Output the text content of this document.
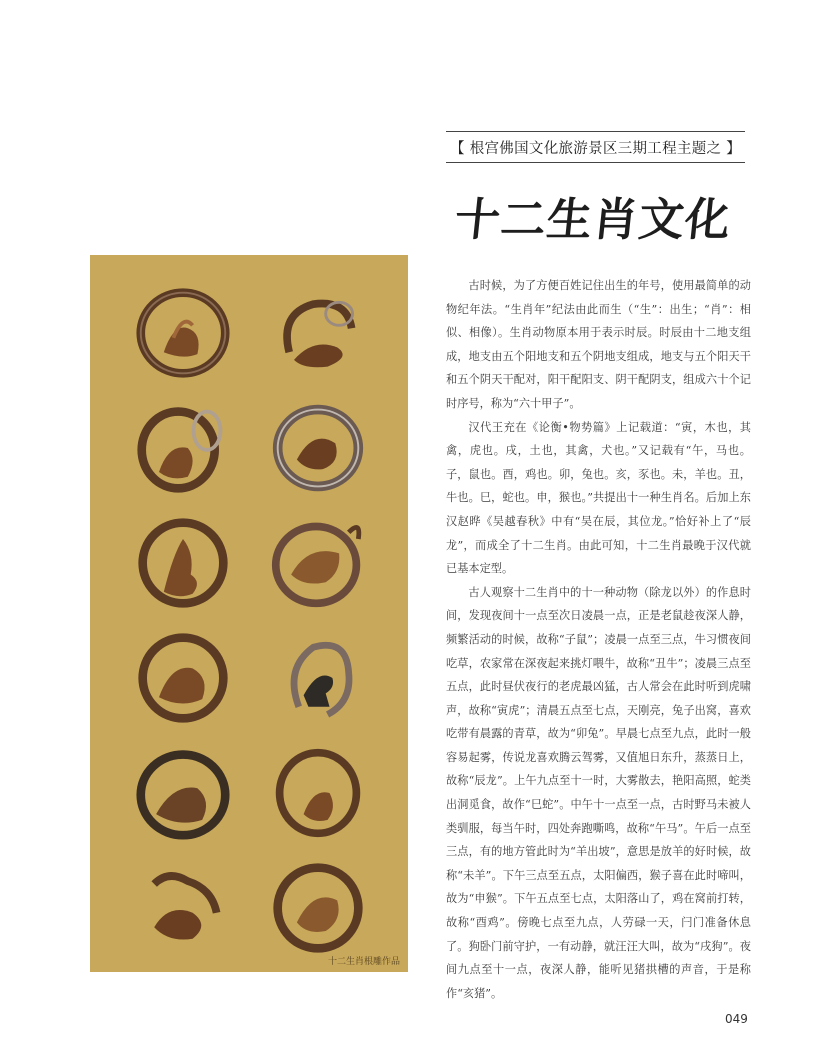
【 根宫佛国文化旅游景区三期工程主题之 】
十二生肖文化
十二生肖根雕作品

古时候，为了方便百姓记住出生的年号，使用最简单的动物纪年法。“生肖年”纪法由此而生（“生”：出生；“肖”：相似、相像）。生肖动物原本用于表示时辰。时辰由十二地支组成，地支由五个阳地支和五个阴地支组成，地支与五个阳天干和五个阴天干配对，阳干配阳支、阴干配阴支，组成六十个记时序号，称为“六十甲子”。

汉代王充在《论衡•物势篇》上记载道：“寅，木也，其禽，虎也。戌，土也，其禽，犬也。”又记载有“午，马也。子，鼠也。酉，鸡也。卯，兔也。亥，豕也。未，羊也。丑，牛也。巳，蛇也。申，猴也。”共提出十一种生肖名。后加上东汉赵晔《吴越春秋》中有“吴在辰，其位龙。”恰好补上了“辰龙”，而成全了十二生肖。由此可知，十二生肖最晚于汉代就已基本定型。

古人观察十二生肖中的十一种动物（除龙以外）的作息时间，发现夜间十一点至次日凌晨一点，正是老鼠趁夜深人静，频繁活动的时候，故称“子鼠”；凌晨一点至三点，牛习惯夜间吃草，农家常在深夜起来挑灯喂牛，故称“丑牛”；凌晨三点至五点，此时昼伏夜行的老虎最凶猛，古人常会在此时听到虎啸声，故称“寅虎”；清晨五点至七点，天刚亮，兔子出窝，喜欢吃带有晨露的青草，故为“卯兔”。早晨七点至九点，此时一般容易起雾，传说龙喜欢腾云驾雾，又值旭日东升，蒸蒸日上，故称“辰龙”。上午九点至十一时，大雾散去，艳阳高照，蛇类出洞觅食，故作“巳蛇”。中午十一点至一点，古时野马未被人类驯服，每当午时，四处奔跑嘶鸣，故称“午马”。午后一点至三点，有的地方管此时为“羊出坡”，意思是放羊的好时候，故称“未羊”。下午三点至五点，太阳偏西，猴子喜在此时啼叫，故为“申猴”。下午五点至七点，太阳落山了，鸡在窝前打转，故称“酉鸡”。傍晚七点至九点，人劳碌一天，闩门准备休息了。狗卧门前守护，一有动静，就汪汪大叫，故为“戌狗”。夜间九点至十一点，夜深人静，能听见猪拱槽的声音，于是称作“亥猪”。

049
